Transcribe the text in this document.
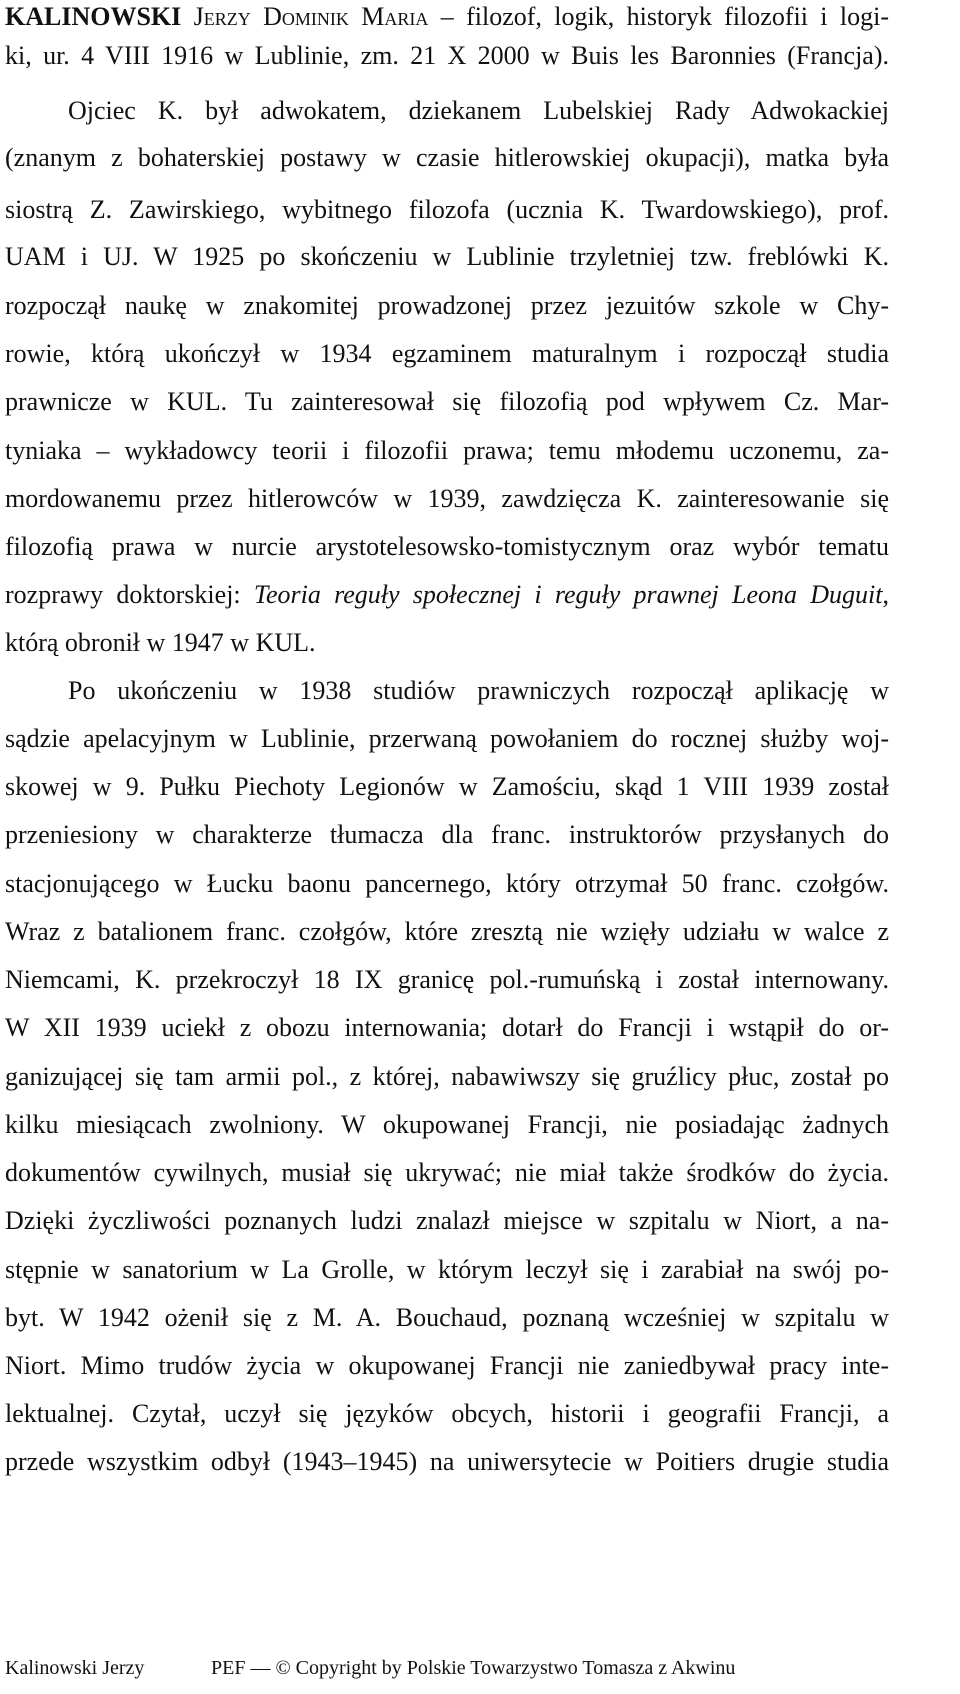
KALINOWSKI Jerzy Dominik Maria – filozof, logik, historyk filozofii i logi-
ki, ur. 4 VIII 1916 w Lublinie, zm. 21 X 2000 w Buis les Baronnies (Francja).
Ojciec K. był adwokatem, dziekanem Lubelskiej Rady Adwokackiej
(znanym z bohaterskiej postawy w czasie hitlerowskiej okupacji), matka była
siostrą Z. Zawirskiego, wybitnego filozofa (ucznia K. Twardowskiego), prof.
UAM i UJ. W 1925 po skończeniu w Lublinie trzyletniej tzw. freblówki K.
rozpoczął naukę w znakomitej prowadzonej przez jezuitów szkole w Chy-
rowie, którą ukończył w 1934 egzaminem maturalnym i rozpoczął studia
prawnicze w KUL. Tu zainteresował się filozofią pod wpływem Cz. Mar-
tyniaka – wykładowcy teorii i filozofii prawa; temu młodemu uczonemu, za-
mordowanemu przez hitlerowców w 1939, zawdzięcza K. zainteresowanie się
filozofią prawa w nurcie arystotelesowsko-tomistycznym oraz wybór tematu
rozprawy doktorskiej: Teoria reguły społecznej i reguły prawnej Leona Duguit,
którą obronił w 1947 w KUL.
Po ukończeniu w 1938 studiów prawniczych rozpoczął aplikację w
sądzie apelacyjnym w Lublinie, przerwaną powołaniem do rocznej służby woj-
skowej w 9. Pułku Piechoty Legionów w Zamościu, skąd 1 VIII 1939 został
przeniesiony w charakterze tłumacza dla franc. instruktorów przysłanych do
stacjonującego w Łucku baonu pancernego, który otrzymał 50 franc. czołgów.
Wraz z batalionem franc. czołgów, które zresztą nie wzięły udziału w walce z
Niemcami, K. przekroczył 18 IX granicę pol.-rumuńską i został internowany.
W XII 1939 uciekł z obozu internowania; dotarł do Francji i wstąpił do or-
ganizującej się tam armii pol., z której, nabawiwszy się gruźlicy płuc, został po
kilku miesiącach zwolniony. W okupowanej Francji, nie posiadając żadnych
dokumentów cywilnych, musiał się ukrywać; nie miał także środków do życia.
Dzięki życzliwości poznanych ludzi znalazł miejsce w szpitalu w Niort, a na-
stępnie w sanatorium w La Grolle, w którym leczył się i zarabiał na swój po-
byt. W 1942 ożenił się z M. A. Bouchaud, poznaną wcześniej w szpitalu w
Niort. Mimo trudów życia w okupowanej Francji nie zaniedbywał pracy inte-
lektualnej. Czytał, uczył się języków obcych, historii i geografii Francji, a
przede wszystkim odbył (1943–1945) na uniwersytecie w Poitiers drugie studia
Kalinowski Jerzy	PEF — © Copyright by Polskie Towarzystwo Tomasza z Akwinu
